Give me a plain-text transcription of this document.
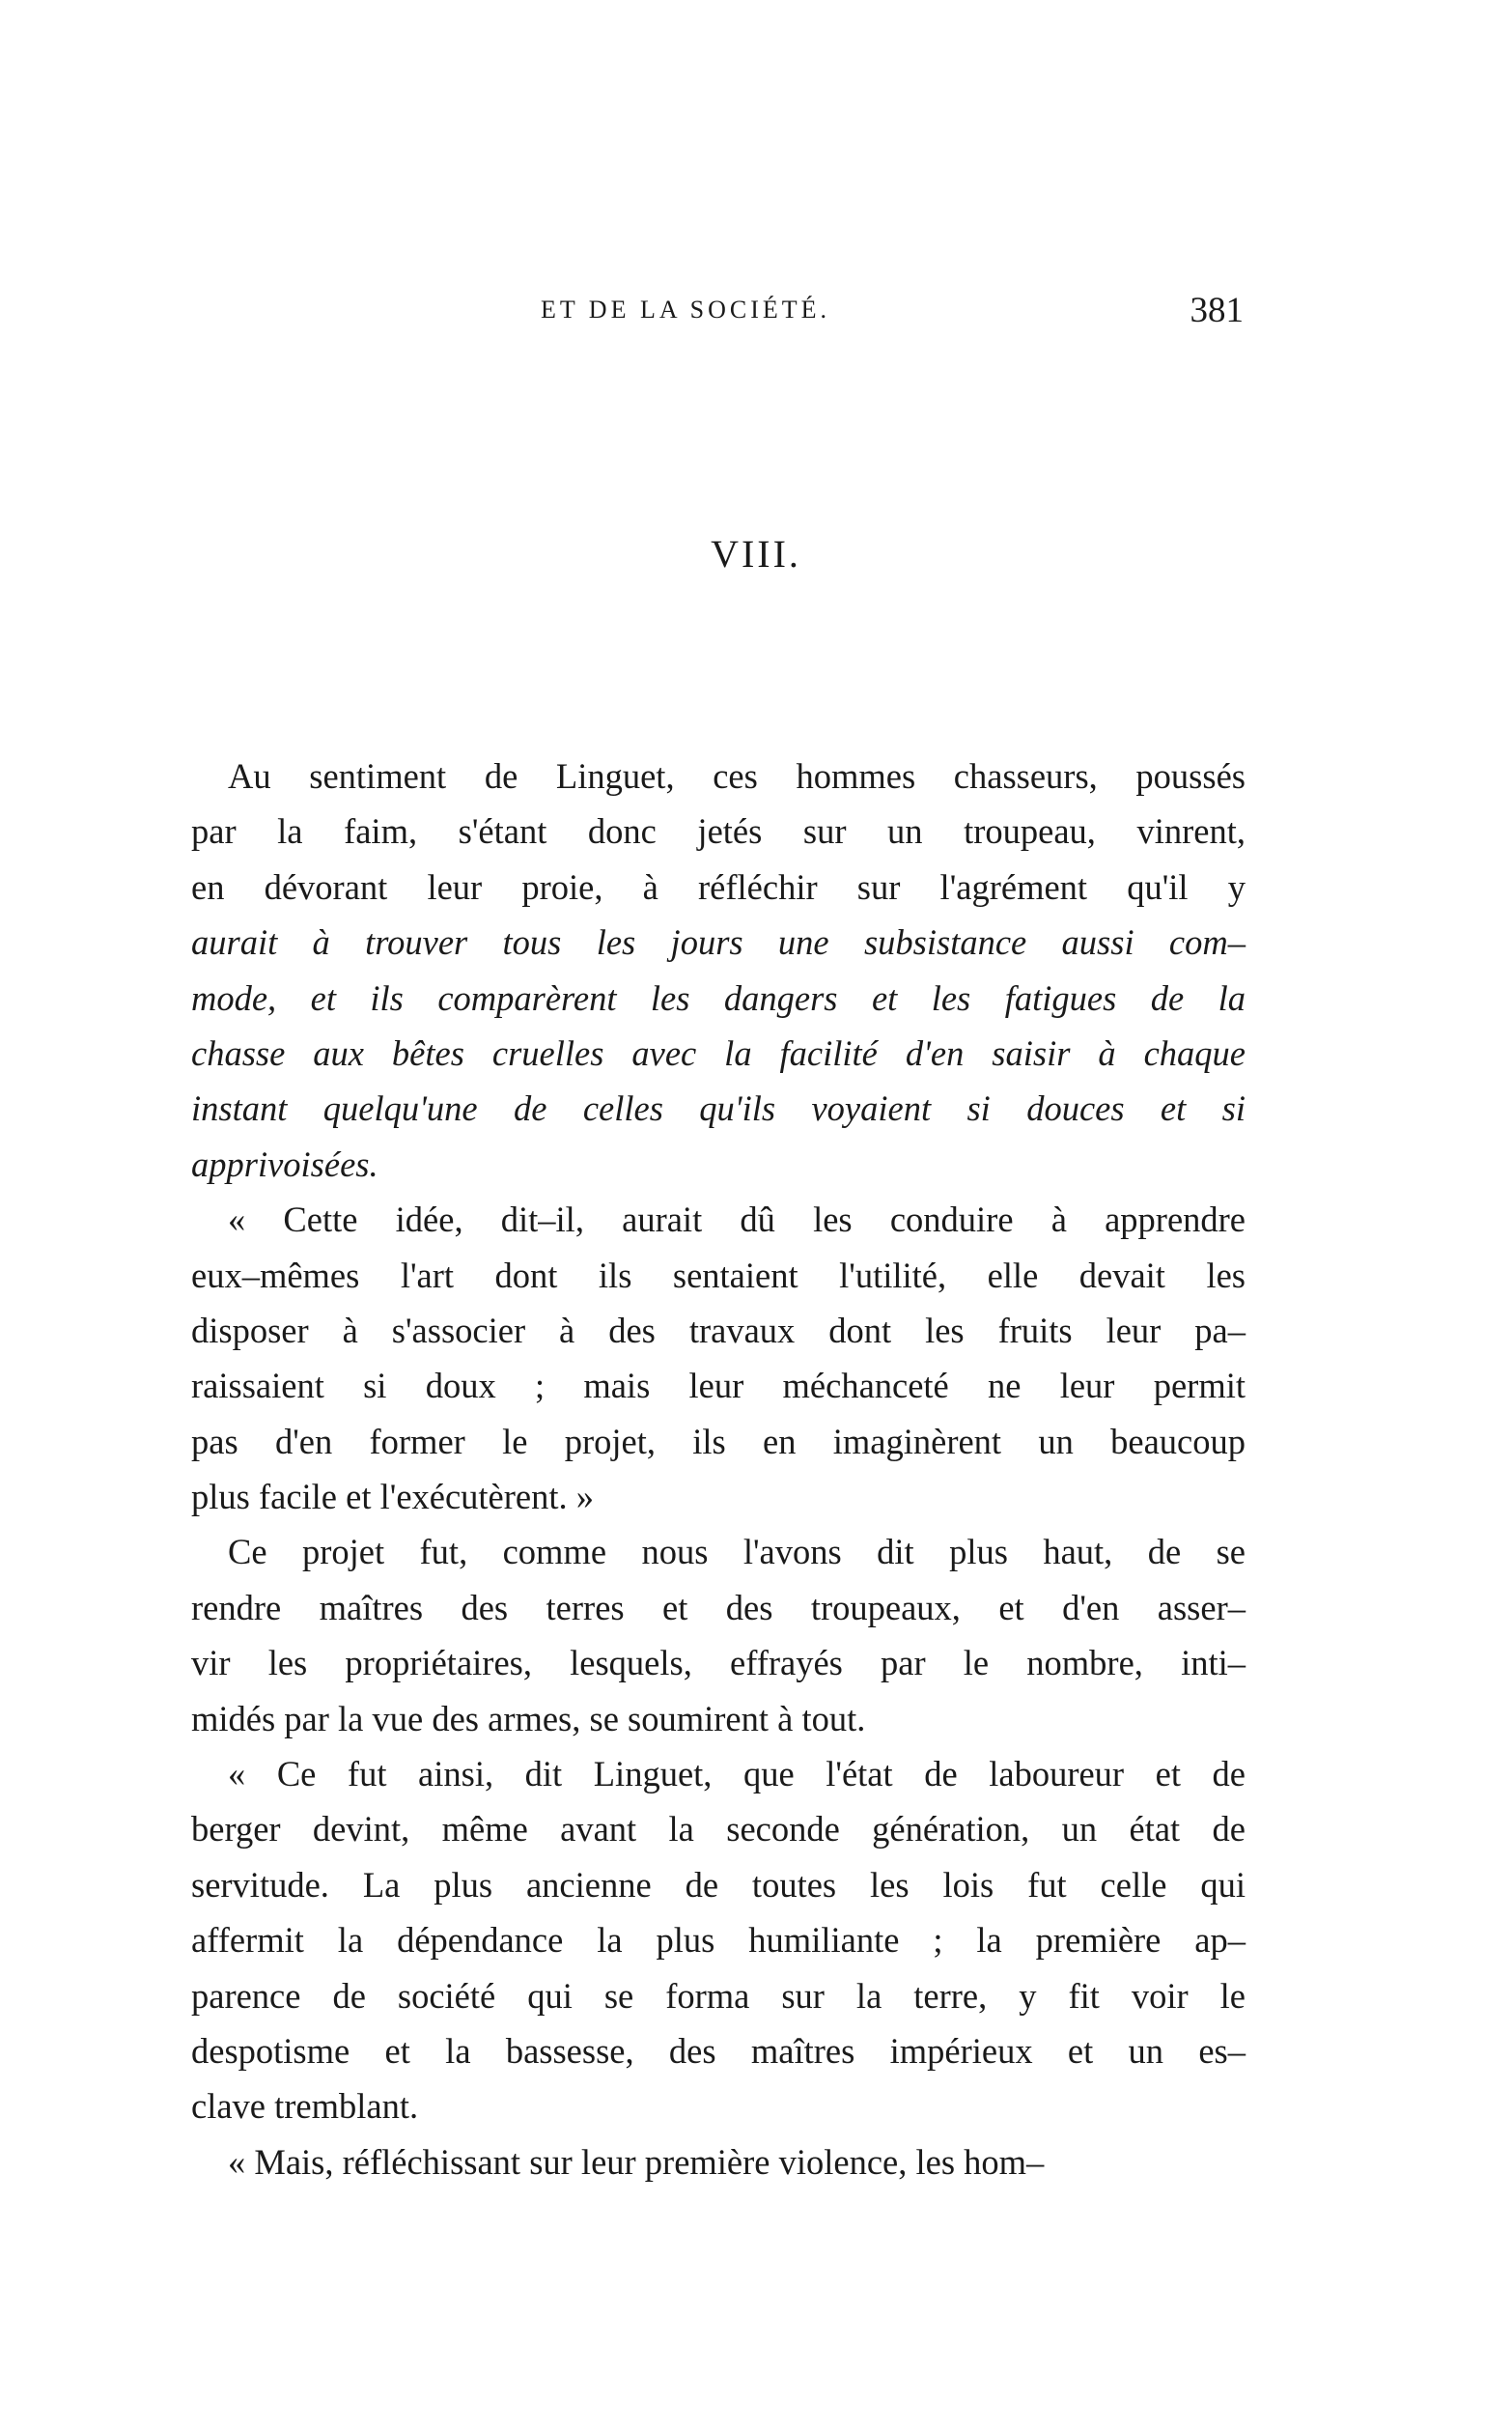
ET DE LA SOCIÉTÉ.	381
VIII.
Au sentiment de Linguet, ces hommes chasseurs, poussés
par la faim, s'étant donc jetés sur un troupeau, vinrent,
en dévorant leur proie, à réfléchir sur l'agrément qu'il y
aurait à trouver tous les jours une subsistance aussi com–
mode, et ils comparèrent les dangers et les fatigues de la
chasse aux bêtes cruelles avec la facilité d'en saisir à chaque
instant quelqu'une de celles qu'ils voyaient si douces et si
apprivoisées.
« Cette idée, dit–il, aurait dû les conduire à apprendre
eux–mêmes l'art dont ils sentaient l'utilité, elle devait les
disposer à s'associer à des travaux dont les fruits leur pa–
raissaient si doux ; mais leur méchanceté ne leur permit
pas d'en former le projet, ils en imaginèrent un beaucoup
plus facile et l'exécutèrent. »
Ce projet fut, comme nous l'avons dit plus haut, de se
rendre maîtres des terres et des troupeaux, et d'en asser–
vir les propriétaires, lesquels, effrayés par le nombre, inti–
midés par la vue des armes, se soumirent à tout.
« Ce fut ainsi, dit Linguet, que l'état de laboureur et de
berger devint, même avant la seconde génération, un état de
servitude. La plus ancienne de toutes les lois fut celle qui
affermit la dépendance la plus humiliante ; la première ap–
parence de société qui se forma sur la terre, y fit voir le
despotisme et la bassesse, des maîtres impérieux et un es–
clave tremblant.
« Mais, réfléchissant sur leur première violence, les hom–
